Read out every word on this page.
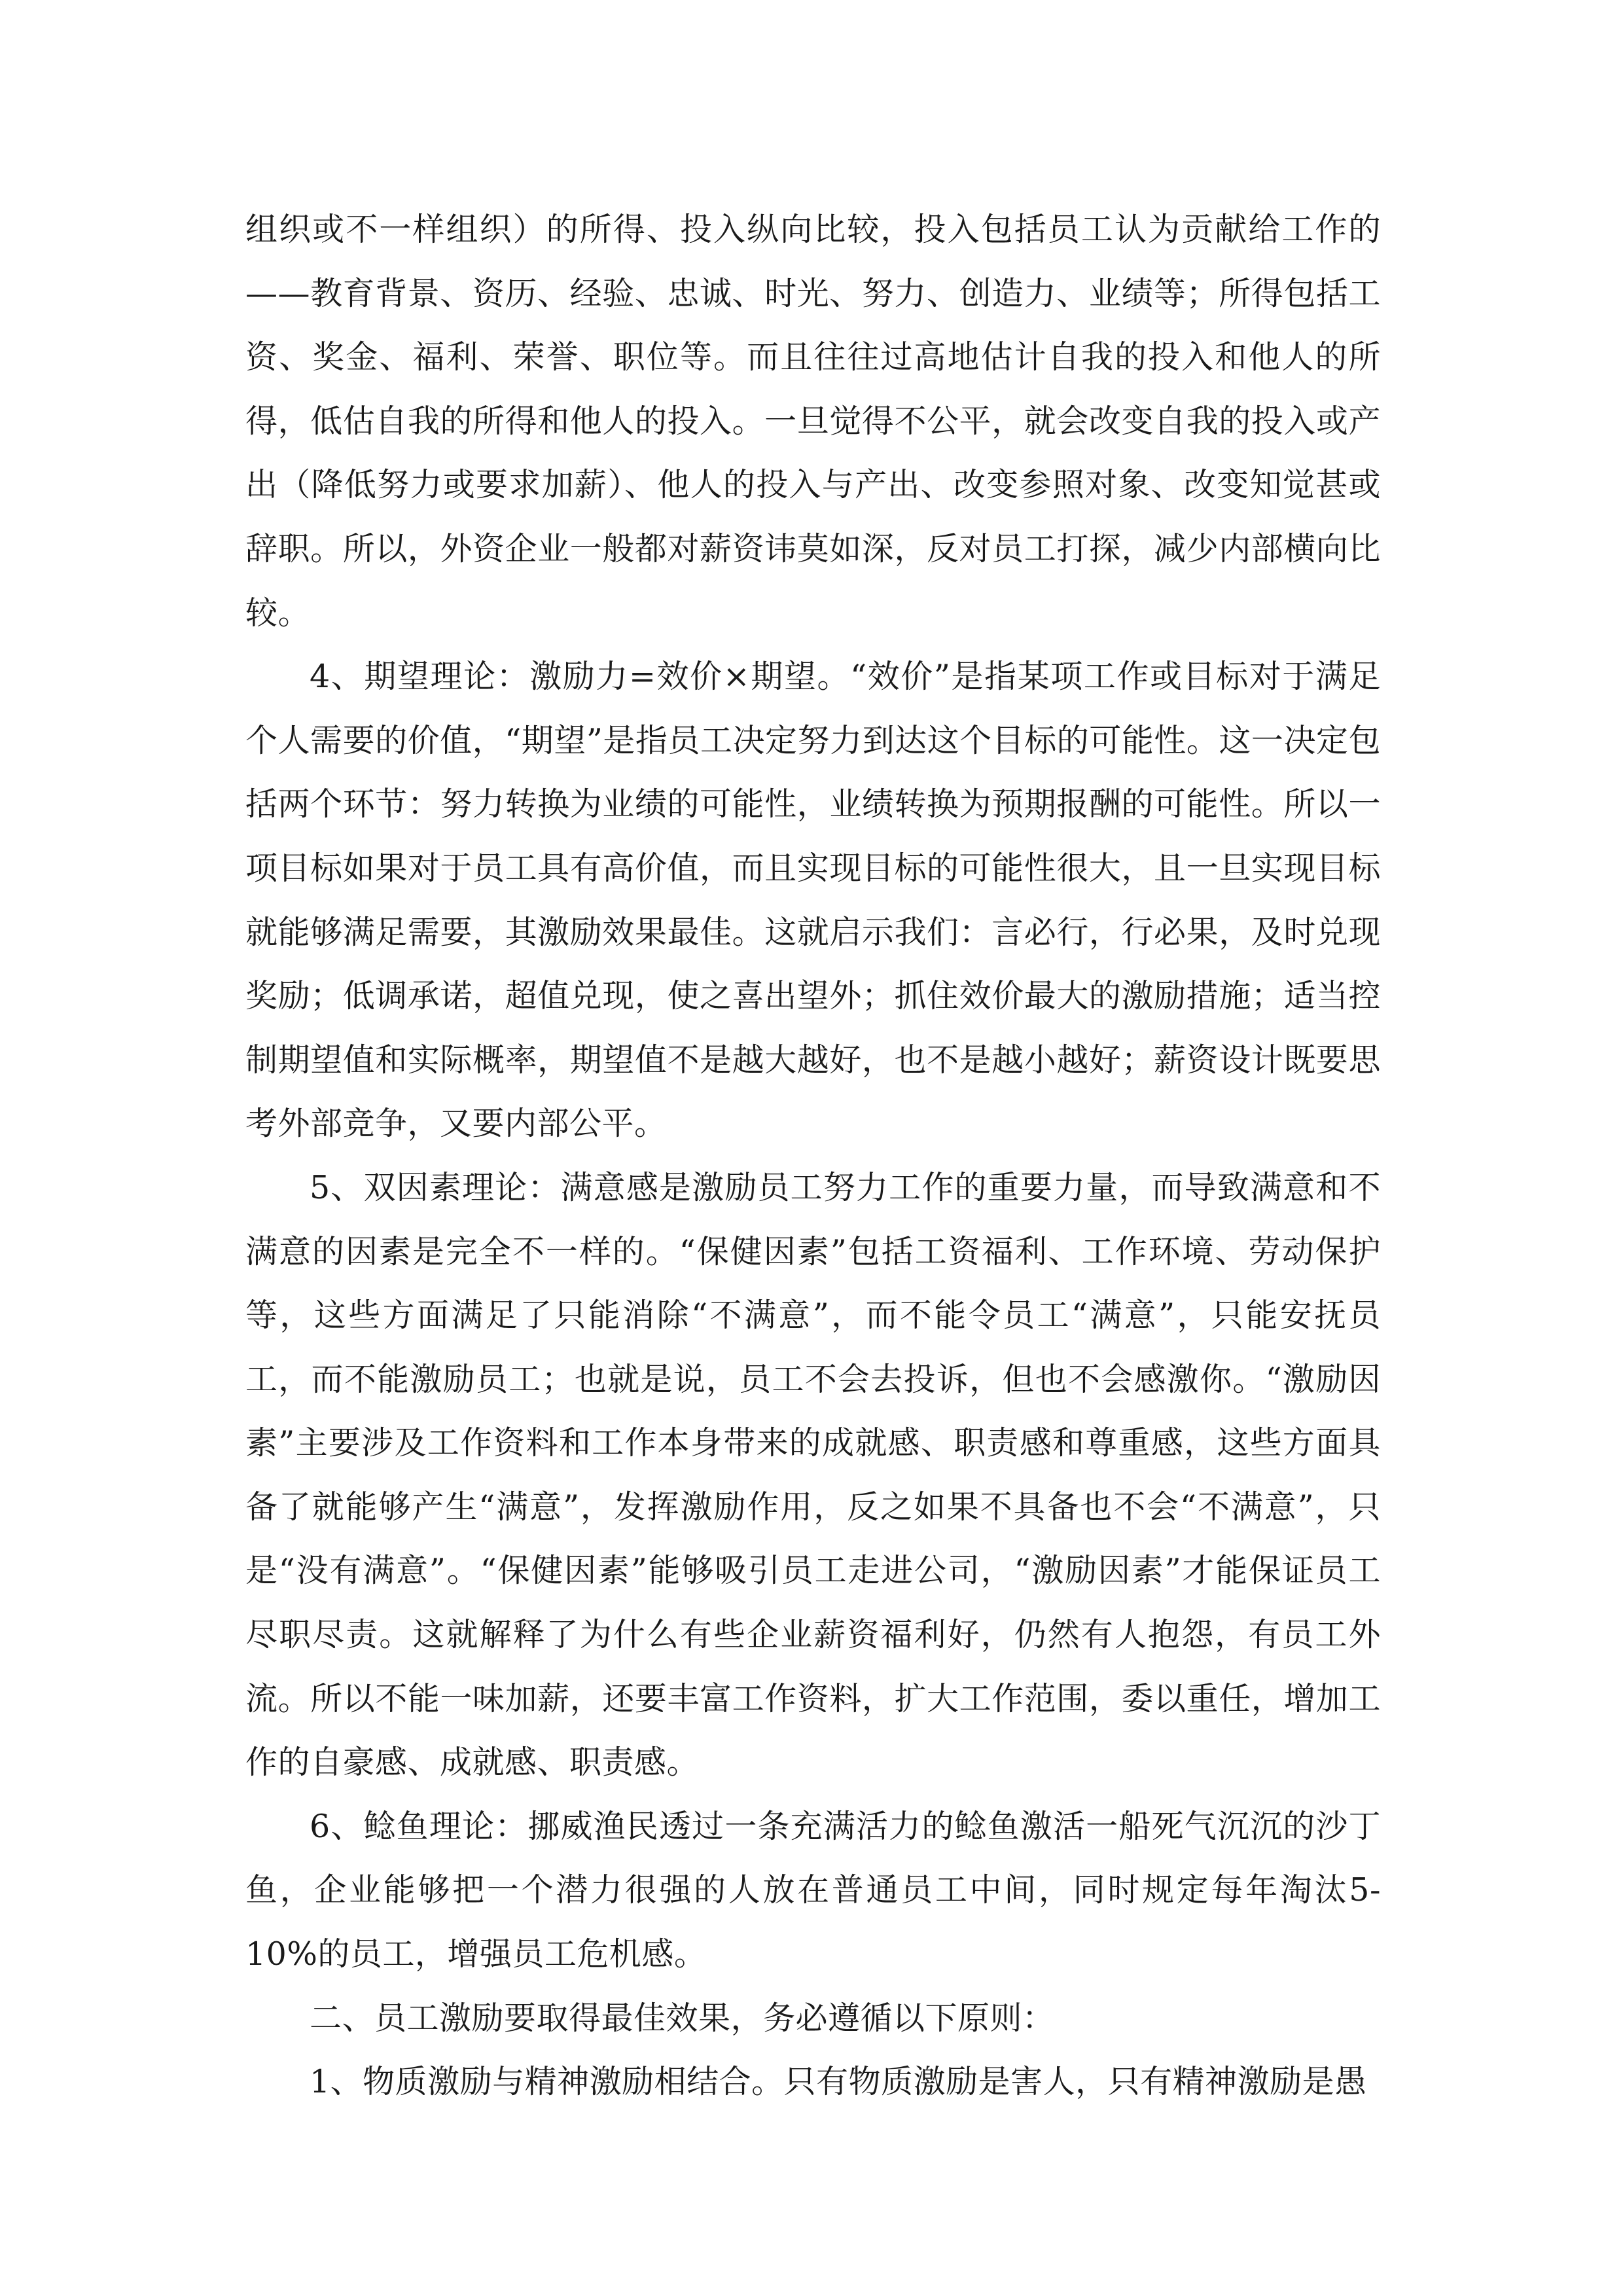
组织或不一样组织）的所得、投入纵向比较，投入包括员工认为贡献给工作的——教育背景、资历、经验、忠诚、时光、努力、创造力、业绩等；所得包括工资、奖金、福利、荣誉、职位等。而且往往过高地估计自我的投入和他人的所得，低估自我的所得和他人的投入。一旦觉得不公平，就会改变自我的投入或产出（降低努力或要求加薪）、他人的投入与产出、改变参照对象、改变知觉甚或辞职。所以，外资企业一般都对薪资讳莫如深，反对员工打探，减少内部横向比较。

4、期望理论：激励力=效价×期望。“效价”是指某项工作或目标对于满足个人需要的价值，“期望”是指员工决定努力到达这个目标的可能性。这一决定包括两个环节：努力转换为业绩的可能性，业绩转换为预期报酬的可能性。所以一项目标如果对于员工具有高价值，而且实现目标的可能性很大，且一旦实现目标就能够满足需要，其激励效果最佳。这就启示我们：言必行，行必果，及时兑现奖励；低调承诺，超值兑现，使之喜出望外；抓住效价最大的激励措施；适当控制期望值和实际概率，期望值不是越大越好，也不是越小越好；薪资设计既要思考外部竞争，又要内部公平。

5、双因素理论：满意感是激励员工努力工作的重要力量，而导致满意和不满意的因素是完全不一样的。“保健因素”包括工资福利、工作环境、劳动保护等，这些方面满足了只能消除“不满意”，而不能令员工“满意”，只能安抚员工，而不能激励员工；也就是说，员工不会去投诉，但也不会感激你。“激励因素”主要涉及工作资料和工作本身带来的成就感、职责感和尊重感，这些方面具备了就能够产生“满意”，发挥激励作用，反之如果不具备也不会“不满意”，只是“没有满意”。“保健因素”能够吸引员工走进公司，“激励因素”才能保证员工尽职尽责。这就解释了为什么有些企业薪资福利好，仍然有人抱怨，有员工外流。所以不能一味加薪，还要丰富工作资料，扩大工作范围，委以重任，增加工作的自豪感、成就感、职责感。

6、鲶鱼理论：挪威渔民透过一条充满活力的鲶鱼激活一船死气沉沉的沙丁鱼，企业能够把一个潜力很强的人放在普通员工中间，同时规定每年淘汰5-10%的员工，增强员工危机感。

二、员工激励要取得最佳效果，务必遵循以下原则：

1、物质激励与精神激励相结合。只有物质激励是害人，只有精神激励是愚
